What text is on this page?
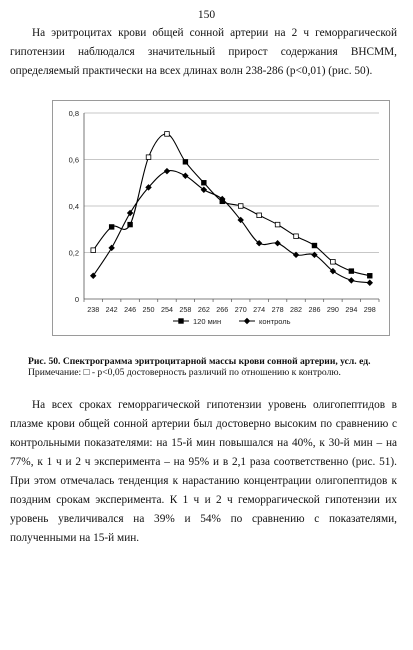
150

На эритроцитах крови общей сонной артерии на 2 ч геморрагической гипотензии наблюдался значительный прирост содержания ВНСММ, определяемый практически на всех длинах волн 238-286 (p<0,01) (рис. 50).

0
0,2
0,4
0,6
0,8
238 242 246 250 254 258 262 266 270 274 278 282 286 290 294 298
120 мин	контроль

Рис. 50. Спектрограмма эритроцитарной массы крови сонной артерии, усл. ед.
Примечание: □ - p<0,05 достоверность различий по отношению к контролю.

На всех сроках геморрагической гипотензии уровень олигопептидов в плазме крови общей сонной артерии был достоверно высоким по сравнению с контрольными показателями: на 15-й мин повышался на 40%, к 30-й мин – на 77%, к 1 ч и 2 ч эксперимента – на 95% и в 2,1 раза соответственно (рис. 51). При этом отмечалась тенденция к нарастанию концентрации олигопептидов к поздним срокам эксперимента. К 1 ч и 2 ч геморрагической гипотензии их уровень увеличивался на 39% и 54% по сравнению с показателями, полученными на 15-й мин.
